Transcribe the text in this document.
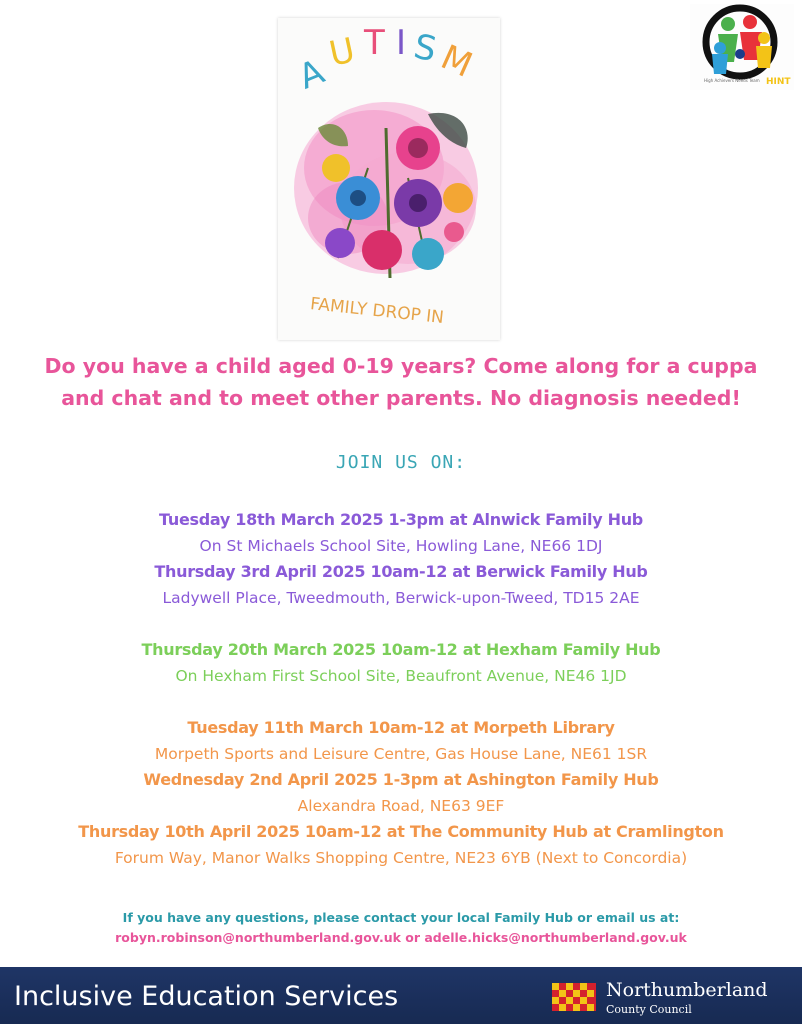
A
U T I S
M
FAMILY DROP IN
HINT
High Achievers Needs Team
Do you have a child aged 0-19 years? Come along for a cuppa and chat and to meet other parents. No diagnosis needed!
JOIN US ON:
Tuesday 18th March 2025 1-3pm at Alnwick Family Hub
On St Michaels School Site, Howling Lane, NE66 1DJ
Thursday 3rd April 2025 10am-12 at Berwick Family Hub
Ladywell Place, Tweedmouth, Berwick-upon-Tweed, TD15 2AE
Thursday 20th March 2025 10am-12 at Hexham Family Hub
On Hexham First School Site, Beaufront Avenue, NE46 1JD
Tuesday 11th March 10am-12 at Morpeth Library
Morpeth Sports and Leisure Centre, Gas House Lane, NE61 1SR
Wednesday 2nd April 2025 1-3pm at Ashington Family Hub
Alexandra Road, NE63 9EF
Thursday 10th April 2025 10am-12 at The Community Hub at Cramlington
Forum Way, Manor Walks Shopping Centre, NE23 6YB (Next to Concordia)
If you have any questions, please contact your local Family Hub or email us at:
robyn.robinson@northumberland.gov.uk or adelle.hicks@northumberland.gov.uk
Inclusive Education Services	Northumberland
County Council
